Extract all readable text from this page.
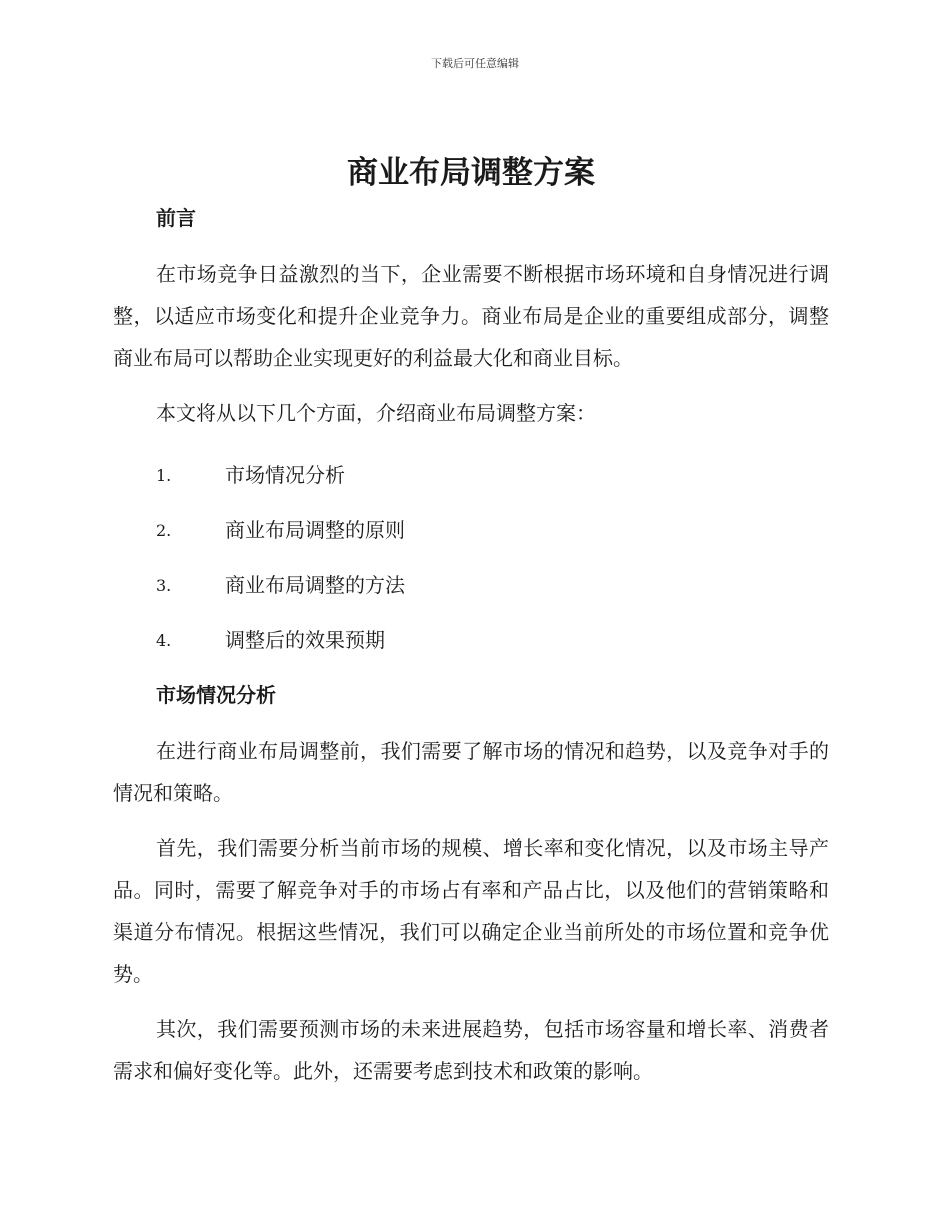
下载后可任意编辑
商业布局调整方案
前言

在市场竞争日益激烈的当下，企业需要不断根据市场环境和自身情况进行调整，以适应市场变化和提升企业竞争力。商业布局是企业的重要组成部分，调整商业布局可以帮助企业实现更好的利益最大化和商业目标。

本文将从以下几个方面，介绍商业布局调整方案：

1.	市场情况分析
2.	商业布局调整的原则
3.	商业布局调整的方法
4.	调整后的效果预期
市场情况分析

在进行商业布局调整前，我们需要了解市场的情况和趋势，以及竞争对手的情况和策略。

首先，我们需要分析当前市场的规模、增长率和变化情况，以及市场主导产品。同时，需要了解竞争对手的市场占有率和产品占比，以及他们的营销策略和渠道分布情况。根据这些情况，我们可以确定企业当前所处的市场位置和竞争优势。

其次，我们需要预测市场的未来进展趋势，包括市场容量和增长率、消费者需求和偏好变化等。此外，还需要考虑到技术和政策的影响。
